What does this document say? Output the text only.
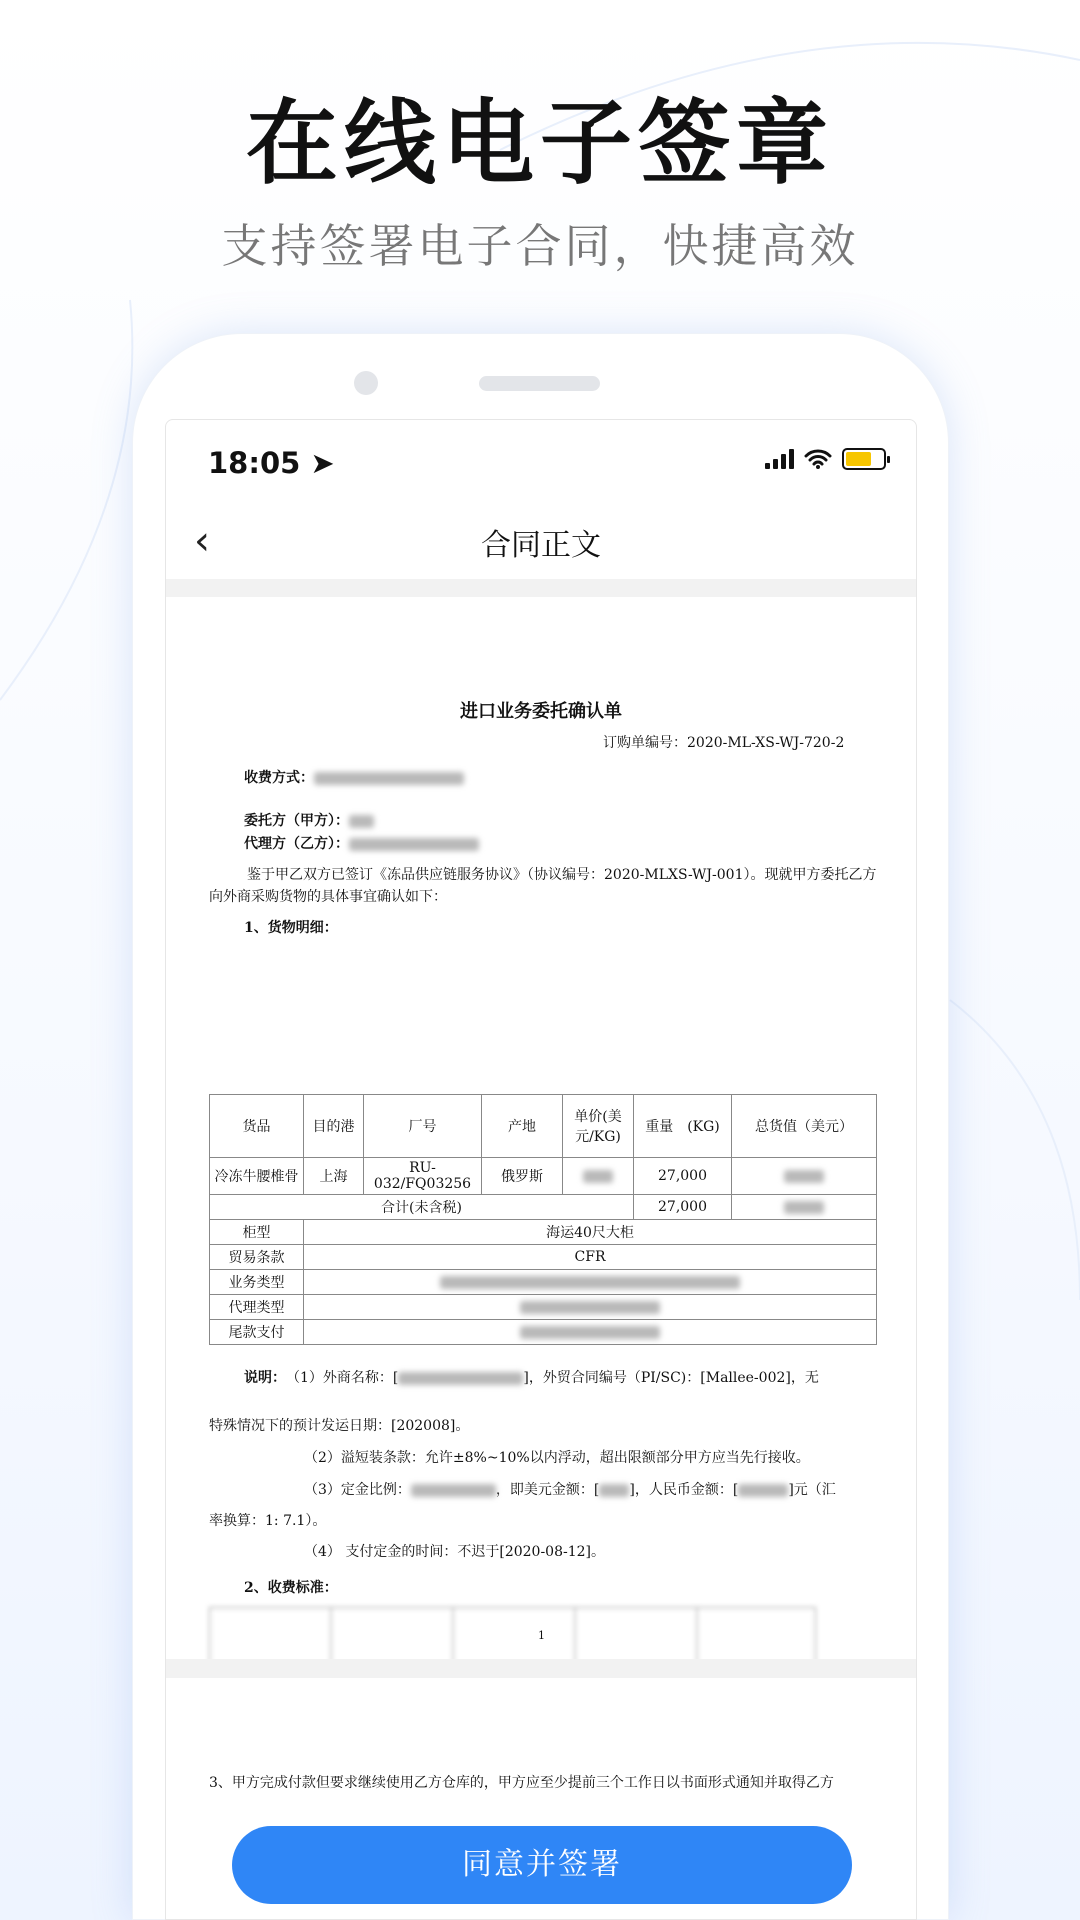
在线电子签章
支持签署电子合同，快捷高效
18:05 ➤
‹	合同正文
进口业务委托确认单
订购单编号：2020-ML-XS-WJ-720-2
收费方式：
委托方（甲方）：
代理方（乙方）：
鉴于甲乙双方已签订《冻品供应链服务协议》（协议编号：2020-MLXS-WJ-001）。现就甲方委托乙方向外商采购货物的具体事宜确认如下：
1、货物明细：
货品	目的港	厂号	产地	单价(美元/KG)	重量　(KG)	总货值（美元）
冷冻牛腰椎骨	上海	RU-032/FQ03256	俄罗斯		27,000	
合计(未含税)					27,000	
柜型	海运40尺大柜					
贸易条款	CFR					
业务类型						
代理类型						
尾款支付						
说明：　 （1）外商名称：[	]，外贸合同编号（PI/SC)：[Mallee-002]，无
特殊情况下的预计发运日期：[202008]。
（2）溢短装条款：允许±8%~10%以内浮动，超出限额部分甲方应当先行接收。
（3）定金比例：	，即美元金额：[ ]，人民币金额：[	]元（汇
率换算：1: 7.1）。
（4） 支付定金的时间：不迟于[2020-08-12]。
2、收费标准：
1
3、甲方完成付款但要求继续使用乙方仓库的，甲方应至少提前三个工作日以书面形式通知并取得乙方
同意并签署
